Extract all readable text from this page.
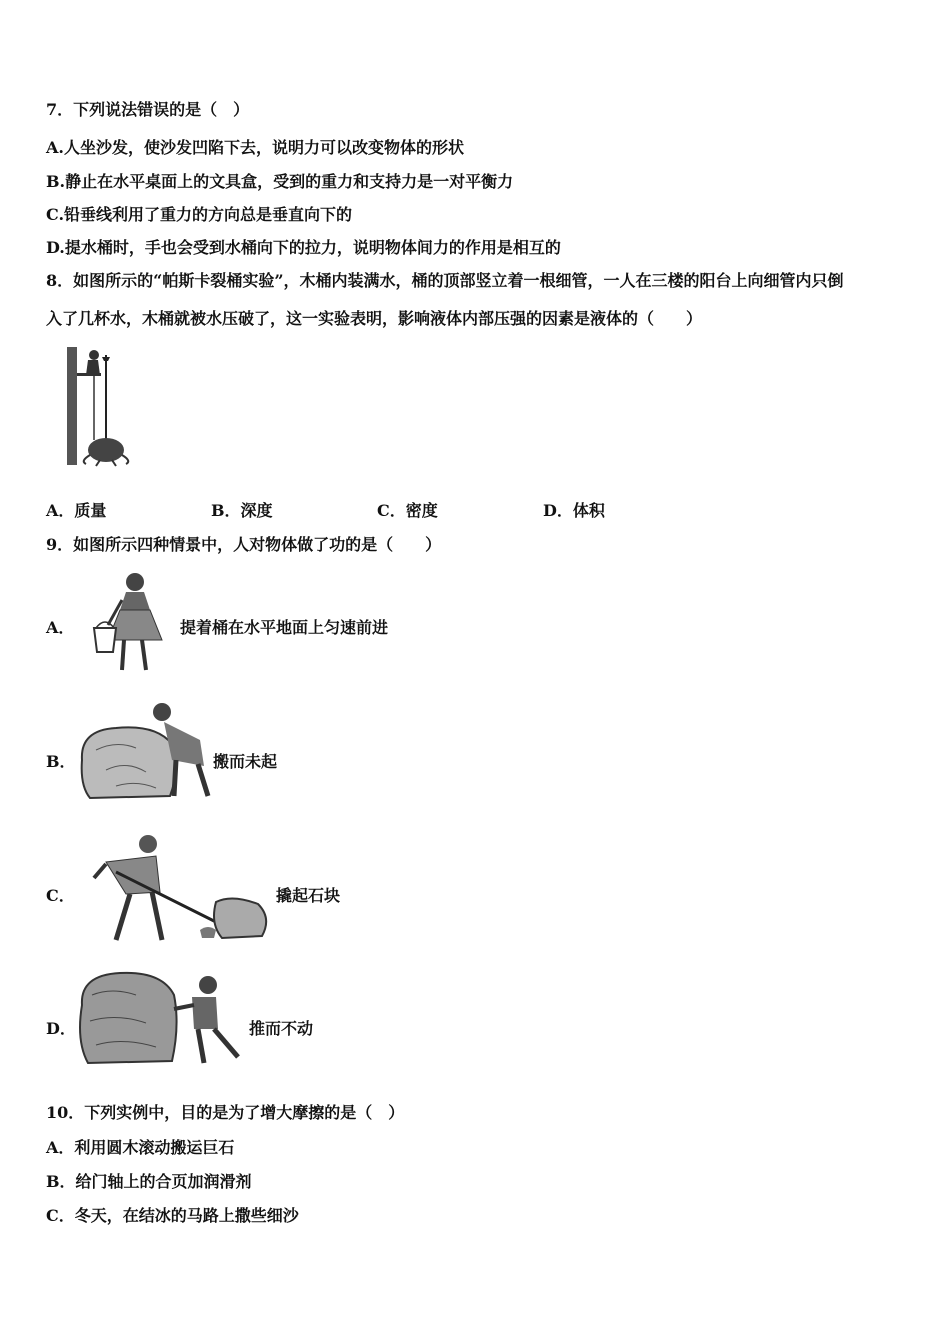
7．下列说法错误的是（　）
A.人坐沙发，使沙发凹陷下去，说明力可以改变物体的形状
B.静止在水平桌面上的文具盒，受到的重力和支持力是一对平衡力
C.铅垂线利用了重力的方向总是垂直向下的
D.提水桶时，手也会受到水桶向下的拉力，说明物体间力的作用是相互的
8．如图所示的“帕斯卡裂桶实验”，木桶内装满水，桶的顶部竖立着一根细管，一人在三楼的阳台上向细管内只倒
入了几杯水，木桶就被水压破了，这一实验表明，影响液体内部压强的因素是液体的（　　）
A．质量	B．深度	C．密度	D．体积
9．如图所示四种情景中，人对物体做了功的是（　　）
A．	提着桶在水平地面上匀速前进
B．	搬而未起
C．	撬起石块
D．	推而不动
10．下列实例中，目的是为了增大摩擦的是（　）
A．利用圆木滚动搬运巨石
B．给门轴上的合页加润滑剂
C．冬天，在结冰的马路上撒些细沙
